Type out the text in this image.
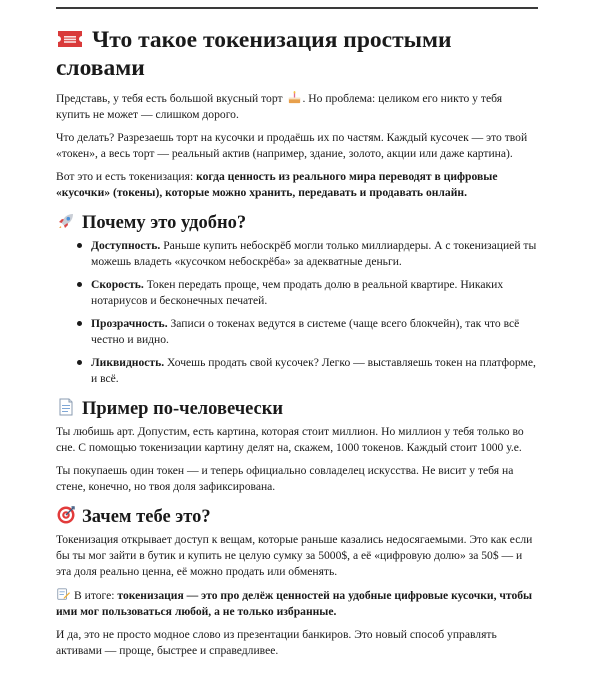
Что такое токенизация простыми словами

Представь, у тебя есть большой вкусный торт . Но проблема: целиком его никто у тебя купить не может — слишком дорого.

Что делать? Разрезаешь торт на кусочки и продаёшь их по частям. Каждый кусочек — это твой «токен», а весь торт — реальный актив (например, здание, золото, акции или даже картина).

Вот это и есть токенизация: когда ценность из реального мира переводят в цифровые «кусочки» (токены), которые можно хранить, передавать и продавать онлайн.

Почему это удобно?
Доступность. Раньше купить небоскрёб могли только миллиардеры. А с токенизацией ты можешь владеть «кусочком небоскрёба» за адекватные деньги.
Скорость. Токен передать проще, чем продать долю в реальной квартире. Никаких нотариусов и бесконечных печатей.
Прозрачность. Записи о токенах ведутся в системе (чаще всего блокчейн), так что всё честно и видно.
Ликвидность. Хочешь продать свой кусочек? Легко — выставляешь токен на платформе, и всё.
Пример по-человечески

Ты любишь арт. Допустим, есть картина, которая стоит миллион. Но миллион у тебя только во сне. С помощью токенизации картину делят на, скажем, 1000 токенов. Каждый стоит 1000 у.е.

Ты покупаешь один токен — и теперь официально совладелец искусства. Не висит у тебя на стене, конечно, но твоя доля зафиксирована.

Зачем тебе это?

Токенизация открывает доступ к вещам, которые раньше казались недосягаемыми. Это как если бы ты мог зайти в бутик и купить не целую сумку за 5000$, а её «цифровую долю» за 50$ — и эта доля реально ценна, её можно продать или обменять.

В итоге: токенизация — это про делёж ценностей на удобные цифровые кусочки, чтобы ими мог пользоваться любой, а не только избранные.

И да, это не просто модное слово из презентации банкиров. Это новый способ управлять активами — проще, быстрее и справедливее.
